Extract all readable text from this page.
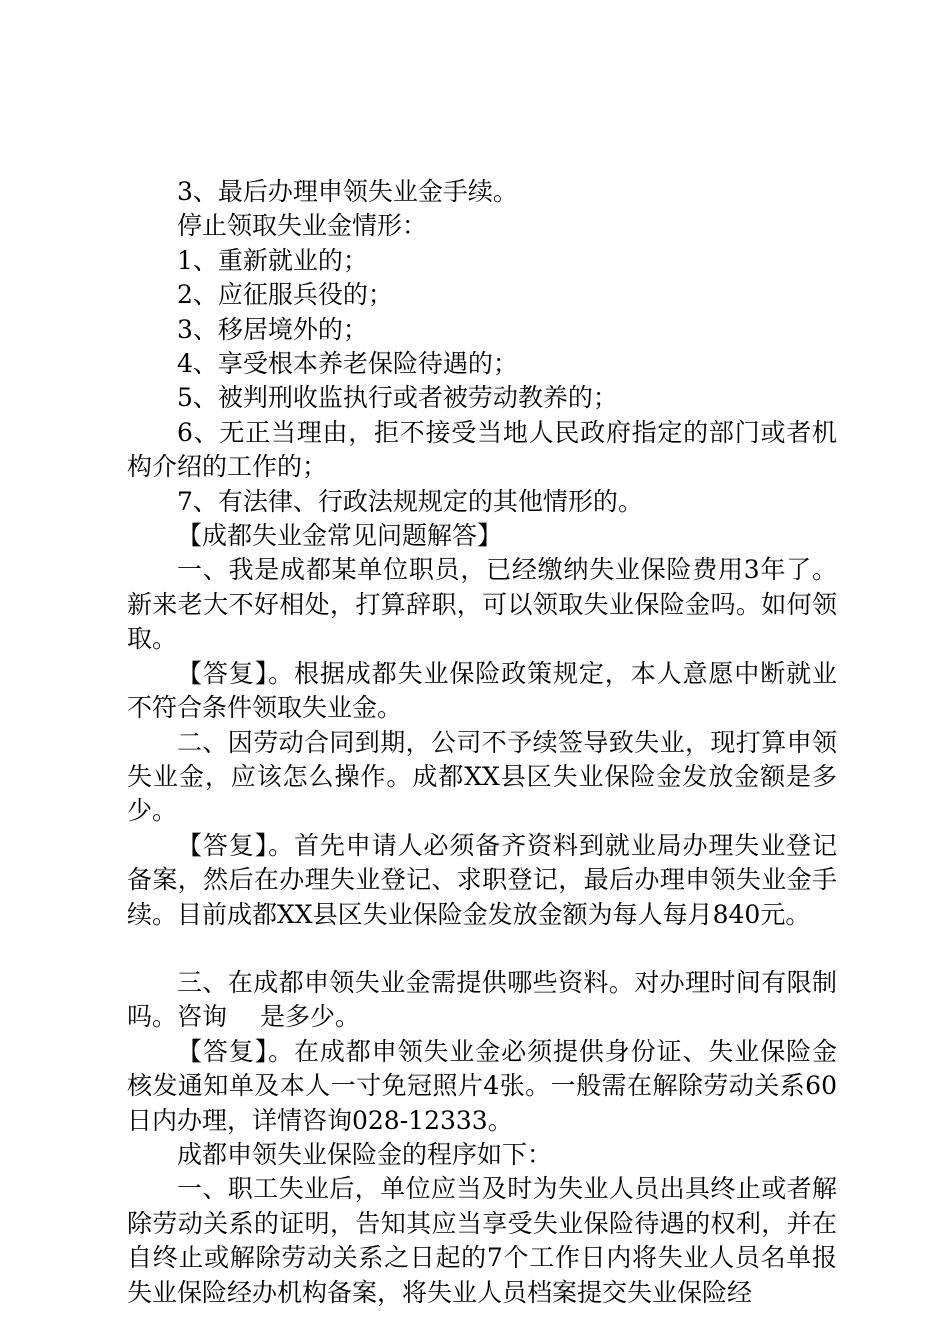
3、最后办理申领失业金手续。

停止领取失业金情形：

1、重新就业的；

2、应征服兵役的；

3、移居境外的；

4、享受根本养老保险待遇的；

5、被判刑收监执行或者被劳动教养的；

6、无正当理由，拒不接受当地人民政府指定的部门或者机构介绍的工作的；

7、有法律、行政法规规定的其他情形的。

【成都失业金常见问题解答】

一、我是成都某单位职员，已经缴纳失业保险费用3年了。新来老大不好相处，打算辞职，可以领取失业保险金吗。如何领取。

【答复】。根据成都失业保险政策规定，本人意愿中断就业不符合条件领取失业金。

二、因劳动合同到期，公司不予续签导致失业，现打算申领失业金，应该怎么操作。成都XX县区失业保险金发放金额是多少。

【答复】。首先申请人必须备齐资料到就业局办理失业登记备案，然后在办理失业登记、求职登记，最后办理申领失业金手续。目前成都XX县区失业保险金发放金额为每人每月840元。

三、在成都申领失业金需提供哪些资料。对办理时间有限制吗。咨询　 是多少。

【答复】。在成都申领失业金必须提供身份证、失业保险金核发通知单及本人一寸免冠照片4张。一般需在解除劳动关系60日内办理，详情咨询028-12333。

成都申领失业保险金的程序如下：

一、职工失业后，单位应当及时为失业人员出具终止或者解除劳动关系的证明，告知其应当享受失业保险待遇的权利，并在自终止或解除劳动关系之日起的7个工作日内将失业人员名单报失业保险经办机构备案，将失业人员档案提交失业保险经
